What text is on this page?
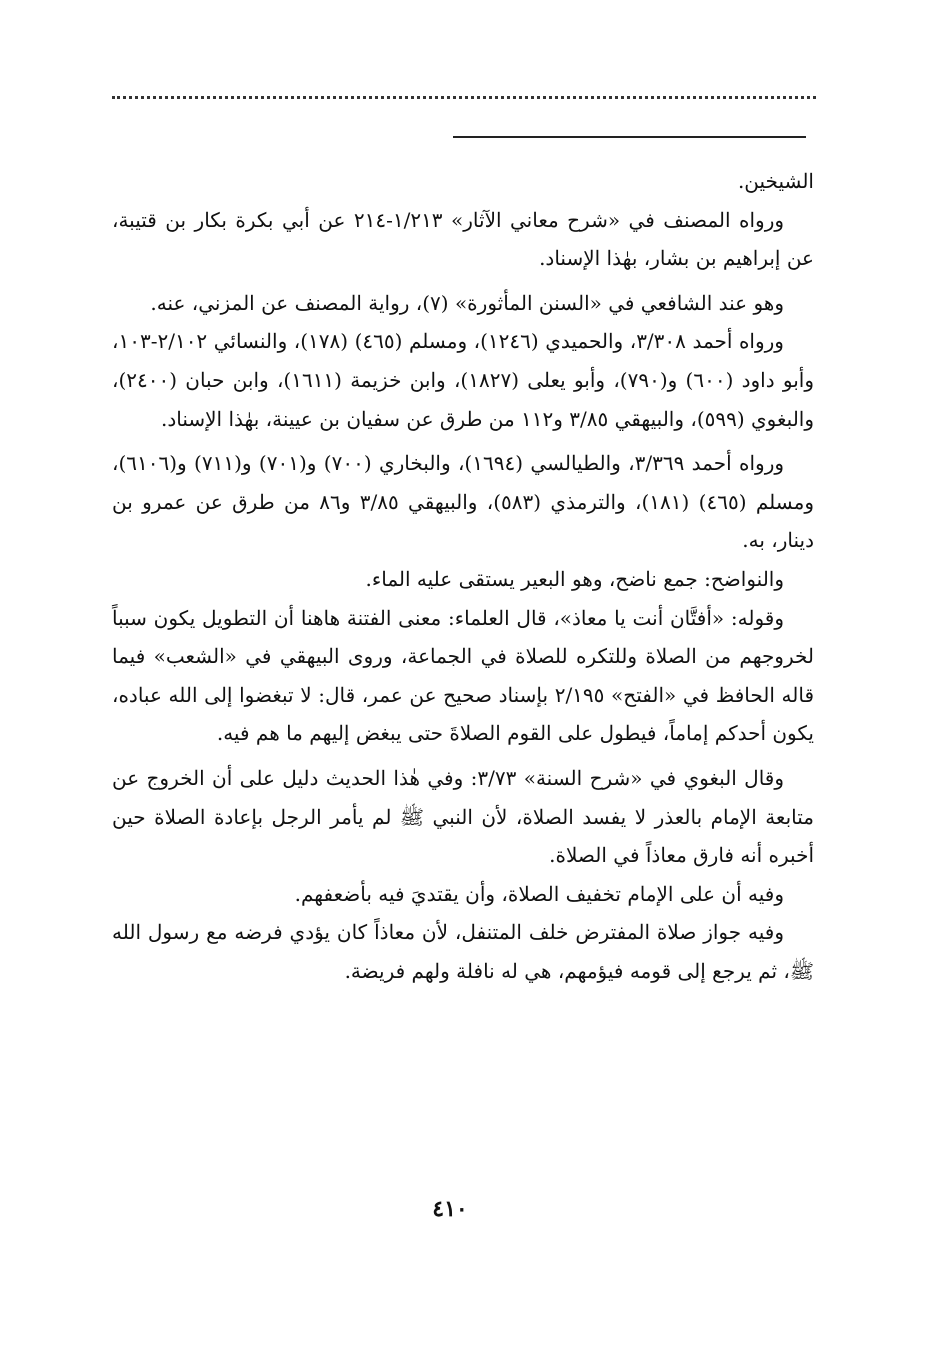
الشيخين.

ورواه المصنف في «شرح معاني الآثار» ١/٢١٣-٢١٤ عن أبي بكرة بكار بن قتيبة، عن إبراهيم بن بشار، بهٰذا الإسناد.

وهو عند الشافعي في «السنن المأثورة» (٧)، رواية المصنف عن المزني، عنه.

ورواه أحمد ٣/٣٠٨، والحميدي (١٢٤٦)، ومسلم (٤٦٥) (١٧٨)، والنسائي ٢/١٠٢-١٠٣، وأبو داود (٦٠٠) و(٧٩٠)، وأبو يعلى (١٨٢٧)، وابن خزيمة (١٦١١)، وابن حبان (٢٤٠٠)، والبغوي (٥٩٩)، والبيهقي ٣/٨٥ و١١٢ من طرق عن سفيان بن عيينة، بهٰذا الإسناد.

ورواه أحمد ٣/٣٦٩، والطيالسي (١٦٩٤)، والبخاري (٧٠٠) و(٧٠١) و(٧١١) و(٦١٠٦)، ومسلم (٤٦٥) (١٨١)، والترمذي (٥٨٣)، والبيهقي ٣/٨٥ و٨٦ من طرق عن عمرو بن دينار، به.

والنواضح: جمع ناضح، وهو البعير يستقى عليه الماء.

وقوله: «أفتَّان أنت يا معاذ»، قال العلماء: معنى الفتنة هاهنا أن التطويل يكون سبباً لخروجهم من الصلاة وللتكره للصلاة في الجماعة، وروى البيهقي في «الشعب» فيما قاله الحافظ في «الفتح» ٢/١٩٥ بإسناد صحيح عن عمر، قال: لا تبغضوا إلى الله عباده، يكون أحدكم إماماً، فيطول على القوم الصلاةَ حتى يبغض إليهم ما هم فيه.

وقال البغوي في «شرح السنة» ٣/٧٣: وفي هٰذا الحديث دليل على أن الخروج عن متابعة الإمام بالعذر لا يفسد الصلاة، لأن النبي ﷺ لم يأمر الرجل بإعادة الصلاة حين أخبره أنه فارق معاذاً في الصلاة.

وفيه أن على الإمام تخفيف الصلاة، وأن يقتديَ فيه بأضعفهم.

وفيه جواز صلاة المفترض خلف المتنفل، لأن معاذاً كان يؤدي فرضه مع رسول الله ﷺ، ثم يرجع إلى قومه فيؤمهم، هي له نافلة ولهم فريضة.

٤١٠
